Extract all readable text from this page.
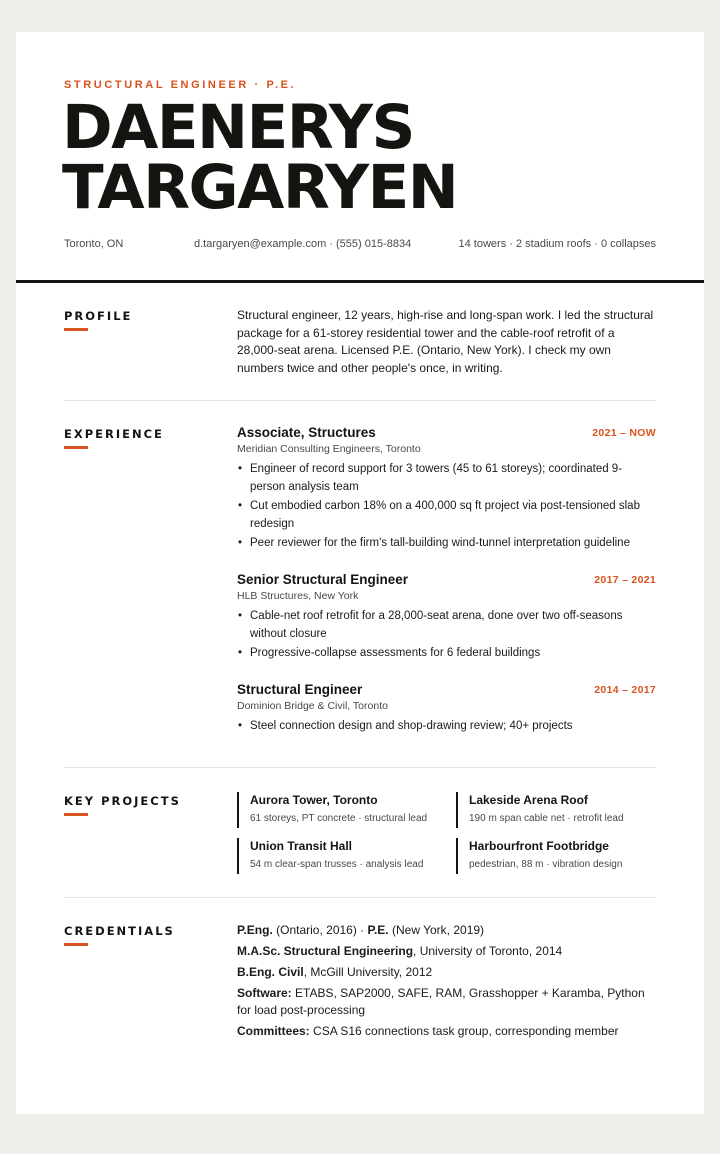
STRUCTURAL ENGINEER · P.E.
DAENERYS
TARGARYEN
Toronto, ON	d.targaryen@example.com · (555) 015-8834	14 towers · 2 stadium roofs · 0 collapses
PROFILE	Structural engineer, 12 years, high-rise and long-span work. I led the structural package for a 61-storey residential tower and the cable-roof retrofit of a 28,000-seat arena. Licensed P.E. (Ontario, New York). I check my own numbers twice and other people's once, in writing.

EXPERIENCE	Associate, Structures	2021 – NOW
Meridian Consulting Engineers, Toronto
• Engineer of record support for 3 towers (45 to 61 storeys); coordinated 9-person analysis team
• Cut embodied carbon 18% on a 400,000 sq ft project via post-tensioned slab redesign
• Peer reviewer for the firm's tall-building wind-tunnel interpretation guideline
Senior Structural Engineer	2017 – 2021
HLB Structures, New York
• Cable-net roof retrofit for a 28,000-seat arena, done over two off-seasons without closure
• Progressive-collapse assessments for 6 federal buildings
Structural Engineer	2014 – 2017
Dominion Bridge & Civil, Toronto
• Steel connection design and shop-drawing review; 40+ projects
KEY PROJECTS	Aurora Tower, Toronto
61 storeys, PT concrete · structural lead
Lakeside Arena Roof
190 m span cable net · retrofit lead
Union Transit Hall
54 m clear-span trusses · analysis lead
Harbourfront Footbridge
pedestrian, 88 m · vibration design
CREDENTIALS	P.Eng. (Ontario, 2016) · P.E. (New York, 2019)
M.A.Sc. Structural Engineering, University of Toronto, 2014
B.Eng. Civil, McGill University, 2012
Software: ETABS, SAP2000, SAFE, RAM, Grasshopper + Karamba, Python for load post-processing
Committees: CSA S16 connections task group, corresponding member
